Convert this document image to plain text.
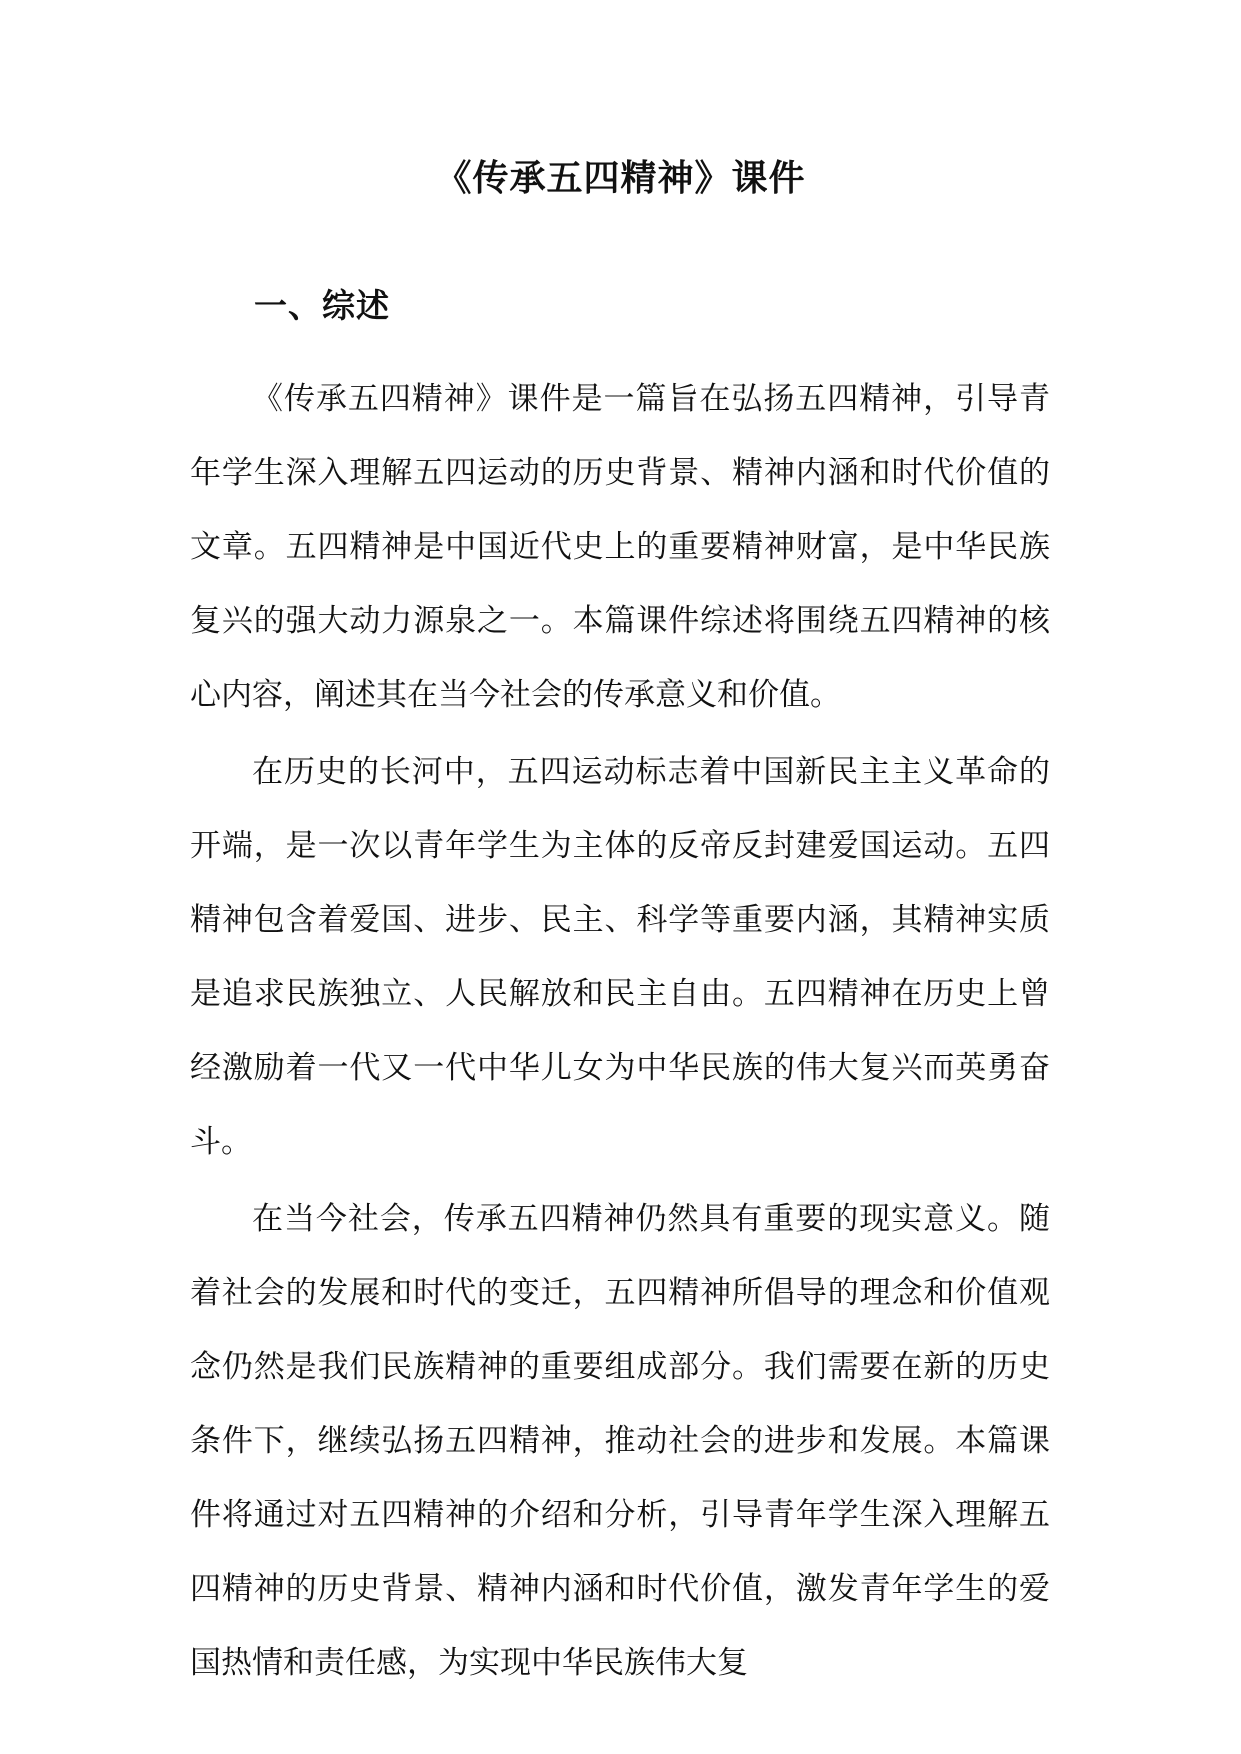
《传承五四精神》课件
一、综述

《传承五四精神》课件是一篇旨在弘扬五四精神，引导青年学生深入理解五四运动的历史背景、精神内涵和时代价值的文章。五四精神是中国近代史上的重要精神财富，是中华民族复兴的强大动力源泉之一。本篇课件综述将围绕五四精神的核心内容，阐述其在当今社会的传承意义和价值。

在历史的长河中，五四运动标志着中国新民主主义革命的开端，是一次以青年学生为主体的反帝反封建爱国运动。五四精神包含着爱国、进步、民主、科学等重要内涵，其精神实质是追求民族独立、人民解放和民主自由。五四精神在历史上曾经激励着一代又一代中华儿女为中华民族的伟大复兴而英勇奋斗。

在当今社会，传承五四精神仍然具有重要的现实意义。随着社会的发展和时代的变迁，五四精神所倡导的理念和价值观念仍然是我们民族精神的重要组成部分。我们需要在新的历史条件下，继续弘扬五四精神，推动社会的进步和发展。本篇课件将通过对五四精神的介绍和分析，引导青年学生深入理解五四精神的历史背景、精神内涵和时代价值，激发青年学生的爱国热情和责任感，为实现中华民族伟大复
